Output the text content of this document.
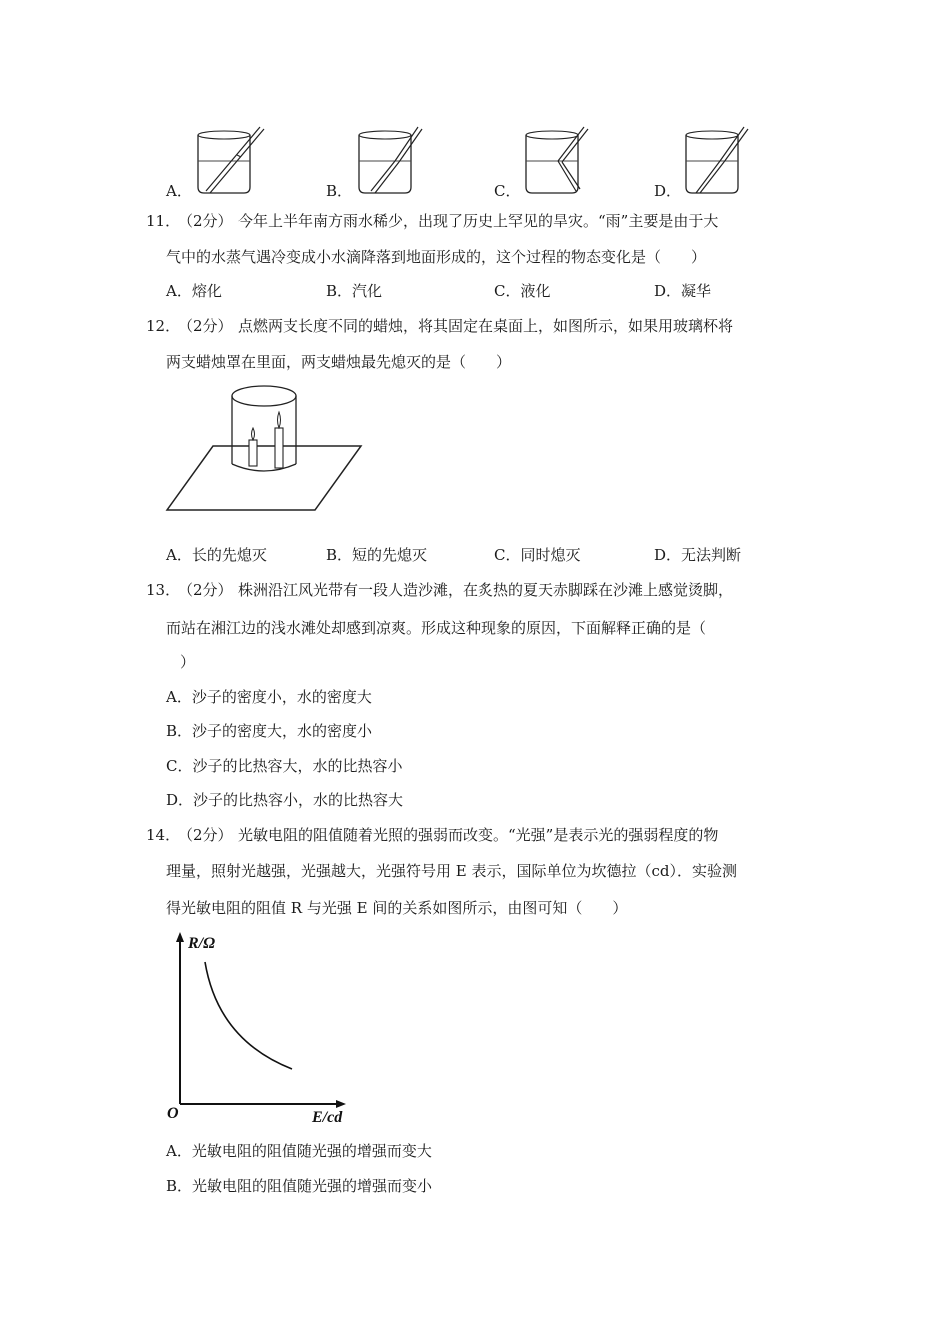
A．	B．	C．	D．
11．
（2分） 今年上半年南方雨水稀少，出现了历史上罕见的旱灾。“雨”主要是由于大
气中的水蒸气遇冷变成小水滴降落到地面形成的，这个过程的物态变化是（　　）
A．熔化	B．汽化	C．液化	D．凝华
12．
（2分） 点燃两支长度不同的蜡烛，将其固定在桌面上，如图所示，如果用玻璃杯将
两支蜡烛罩在里面，两支蜡烛最先熄灭的是（　　）
A．长的先熄灭	B．短的先熄灭	C．同时熄灭	D．无法判断
13．
（2分） 株洲沿江风光带有一段人造沙滩，在炙热的夏天赤脚踩在沙滩上感觉烫脚，
而站在湘江边的浅水滩处却感到凉爽。形成这种现象的原因，下面解释正确的是（
）
A．沙子的密度小，水的密度大
B．沙子的密度大，水的密度小
C．沙子的比热容大，水的比热容小
D．沙子的比热容小，水的比热容大
14．
（2分） 光敏电阻的阻值随着光照的强弱而改变。“光强”是表示光的强弱程度的物
理量，照射光越强，光强越大，光强符号用 E 表示，国际单位为坎德拉（cd）．实验测
得光敏电阻的阻值 R 与光强 E 间的关系如图所示，由图可知（　　）
R/Ω
E/cd
O
A．光敏电阻的阻值随光强的增强而变大
B．光敏电阻的阻值随光强的增强而变小
